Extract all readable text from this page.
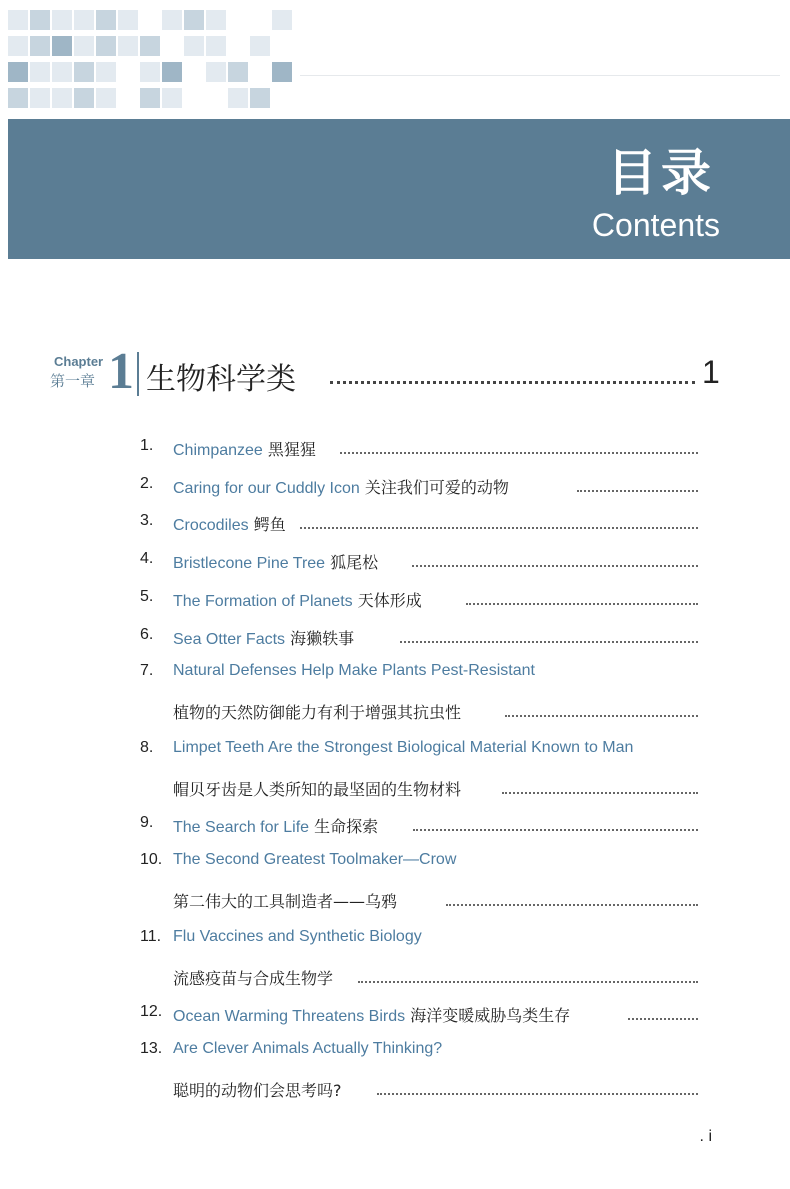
目录
Contents
Chapter
第一章 1 生物科学类	1
1.	Chimpanzee 黑猩猩
2.	Caring for our Cuddly Icon 关注我们可爱的动物
3.	Crocodiles 鳄鱼
4.	Bristlecone Pine Tree 狐尾松
5.	The Formation of Planets 天体形成
6.	Sea Otter Facts 海獭轶事
7.	Natural Defenses Help Make Plants Pest-Resistant
植物的天然防御能力有利于增强其抗虫性
8.	Limpet Teeth Are the Strongest Biological Material Known to Man
帽贝牙齿是人类所知的最坚固的生物材料
9.	The Search for Life 生命探索
10. The Second Greatest Toolmaker—Crow
第二伟大的工具制造者——乌鸦
11. Flu Vaccines and Synthetic Biology
流感疫苗与合成生物学
12. Ocean Warming Threatens Birds 海洋变暖威胁鸟类生存
13. Are Clever Animals Actually Thinking?
聪明的动物们会思考吗?
. i
